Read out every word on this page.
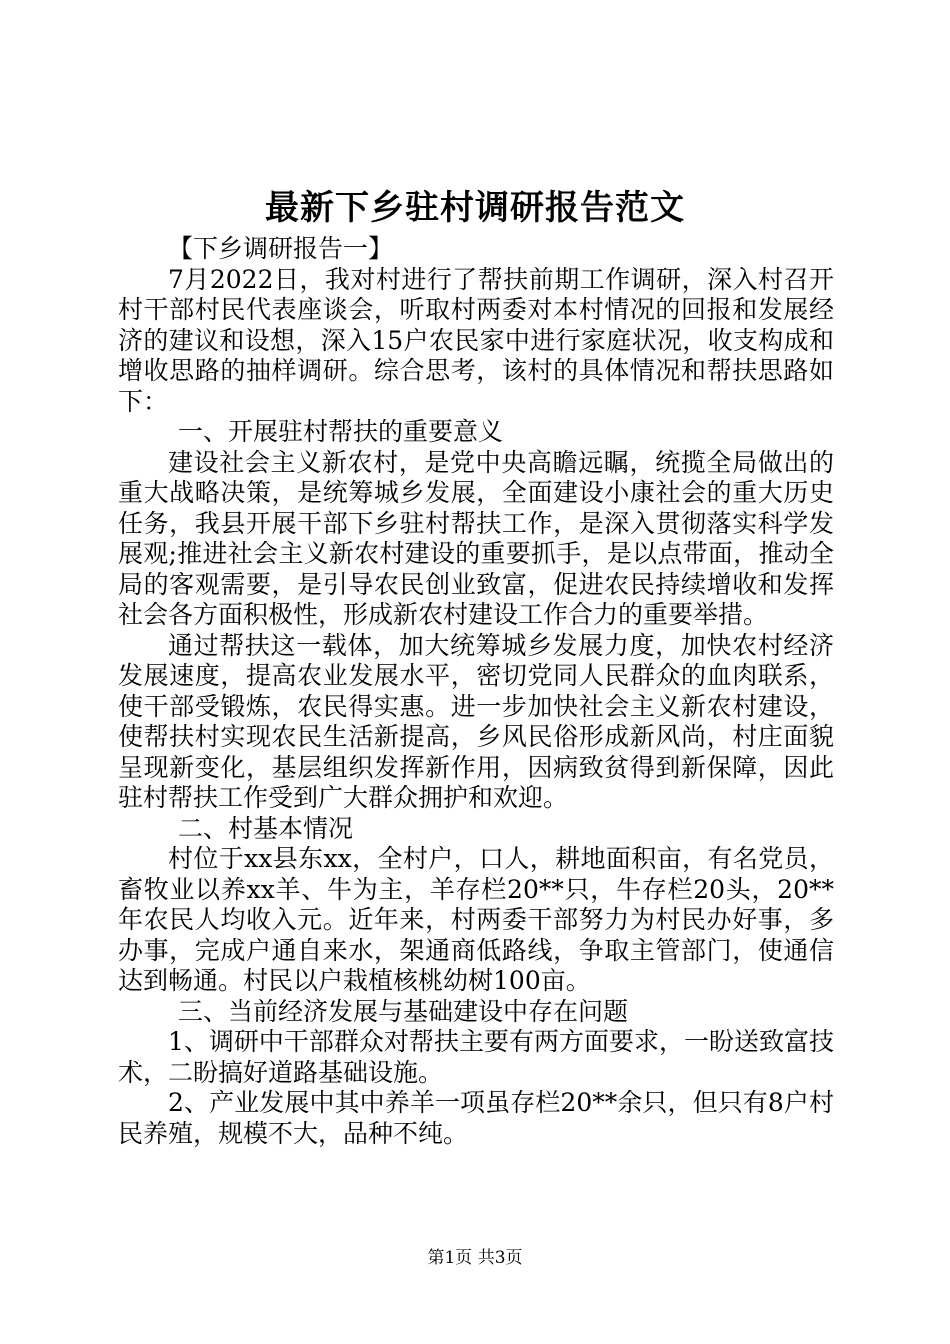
最新下乡驻村调研报告范文

【下乡调研报告一】

7月2022日，我对村进行了帮扶前期工作调研，深入村召开村干部村民代表座谈会，听取村两委对本村情况的回报和发展经济的建议和设想，深入15户农民家中进行家庭状况，收支构成和增收思路的抽样调研。综合思考，该村的具体情况和帮扶思路如下：

一、开展驻村帮扶的重要意义

建设社会主义新农村，是党中央高瞻远瞩，统揽全局做出的重大战略决策，是统筹城乡发展，全面建设小康社会的重大历史任务，我县开展干部下乡驻村帮扶工作，是深入贯彻落实科学发展观;推进社会主义新农村建设的重要抓手，是以点带面，推动全局的客观需要，是引导农民创业致富，促进农民持续增收和发挥社会各方面积极性，形成新农村建设工作合力的重要举措。

通过帮扶这一载体，加大统筹城乡发展力度，加快农村经济发展速度，提高农业发展水平，密切党同人民群众的血肉联系，使干部受锻炼，农民得实惠。进一步加快社会主义新农村建设，使帮扶村实现农民生活新提高，乡风民俗形成新风尚，村庄面貌呈现新变化，基层组织发挥新作用，因病致贫得到新保障，因此驻村帮扶工作受到广大群众拥护和欢迎。

二、村基本情况

村位于xx县东xx，全村户，口人，耕地面积亩，有名党员，畜牧业以养xx羊、牛为主，羊存栏20**只，牛存栏20头，20**年农民人均收入元。近年来，村两委干部努力为村民办好事，多办事，完成户通自来水，架通商低路线，争取主管部门，使通信达到畅通。村民以户栽植核桃幼树100亩。

三、当前经济发展与基础建设中存在问题

1、调研中干部群众对帮扶主要有两方面要求，一盼送致富技术，二盼搞好道路基础设施。

2、产业发展中其中养羊一项虽存栏20**余只，但只有8户村民养殖，规模不大，品种不纯。

第1页 共3页
